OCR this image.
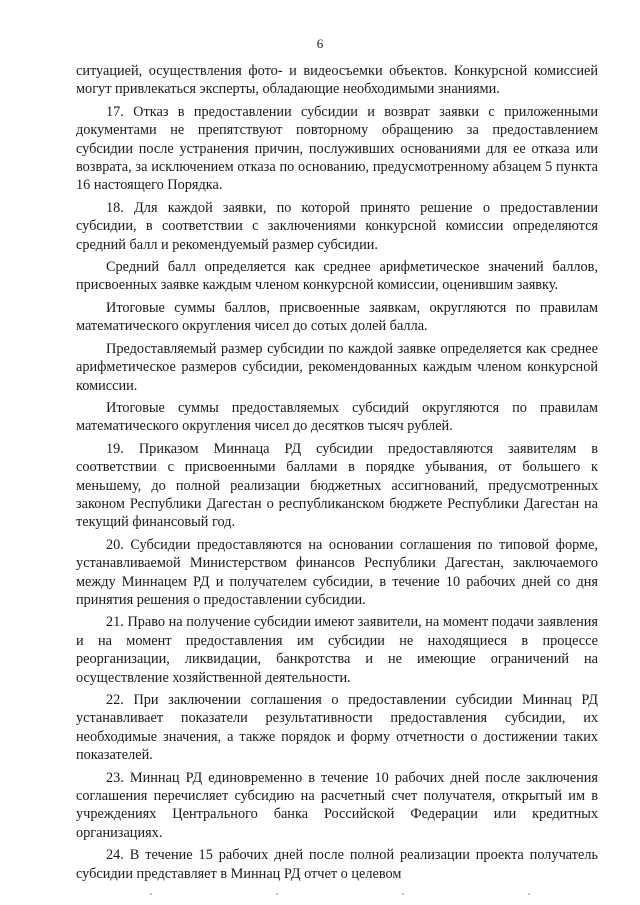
6

ситуацией, осуществления фото- и видеосъемки объектов. Конкурсной комиссией могут привлекаться эксперты, обладающие необходимыми знаниями.

17. Отказ в предоставлении субсидии и возврат заявки с приложенными документами не препятствуют повторному обращению за предоставлением субсидии после устранения причин, послуживших основаниями для ее отказа или возврата, за исключением отказа по основанию, предусмотренному абзацем 5 пункта 16 настоящего Порядка.

18. Для каждой заявки, по которой принято решение о предоставлении субсидии, в соответствии с заключениями конкурсной комиссии определяются средний балл и рекомендуемый размер субсидии.

Средний балл определяется как среднее арифметическое значений баллов, присвоенных заявке каждым членом конкурсной комиссии, оценившим заявку.

Итоговые суммы баллов, присвоенные заявкам, округляются по правилам математического округления чисел до сотых долей балла.

Предоставляемый размер субсидии по каждой заявке определяется как среднее арифметическое размеров субсидии, рекомендованных каждым членом конкурсной комиссии.

Итоговые суммы предоставляемых субсидий округляются по правилам математического округления чисел до десятков тысяч рублей.

19. Приказом Миннаца РД субсидии предоставляются заявителям в соответствии с присвоенными баллами в порядке убывания, от большего к меньшему, до полной реализации бюджетных ассигнований, предусмотренных законом Республики Дагестан о республиканском бюджете Республики Дагестан на текущий финансовый год.

20. Субсидии предоставляются на основании соглашения по типовой форме, устанавливаемой Министерством финансов Республики Дагестан, заключаемого между Миннацем РД и получателем субсидии, в течение 10 рабочих дней со дня принятия решения о предоставлении субсидии.

21. Право на получение субсидии имеют заявители, на момент подачи заявления и на момент предоставления им субсидии не находящиеся в процессе реорганизации, ликвидации, банкротства и не имеющие ограничений на осуществление хозяйственной деятельности.

22. При заключении соглашения о предоставлении субсидии Миннац РД устанавливает показатели результативности предоставления субсидии, их необходимые значения, а также порядок и форму отчетности о достижении таких показателей.

23. Миннац РД единовременно в течение 10 рабочих дней после заключения соглашения перечисляет субсидию на расчетный счет получателя, открытый им в учреждениях Центрального банка Российской Федерации или кредитных организациях.

24. В течение 15 рабочих дней после полной реализации проекта получатель субсидии представляет в Миннац РД отчет о целевом
